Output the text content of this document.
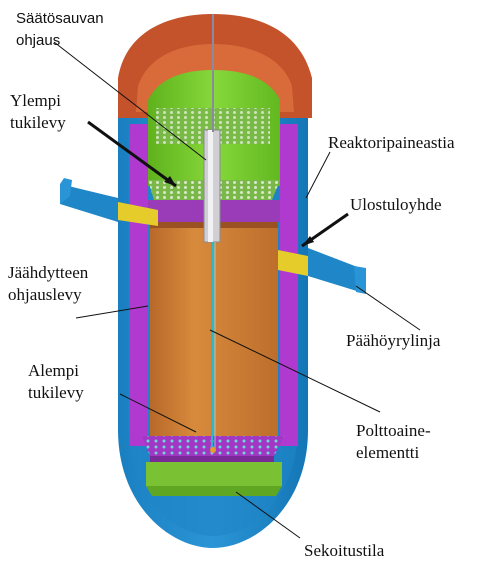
Säätösauvan
ohjaus
Ylempi
tukilevy
Reaktoripaineastia
Ulostuloyhde
Jäähdytteen
ohjauslevy
Päähöyrylinja
Alempi
tukilevy
Polttoaine-
elementti
Sekoitustila
